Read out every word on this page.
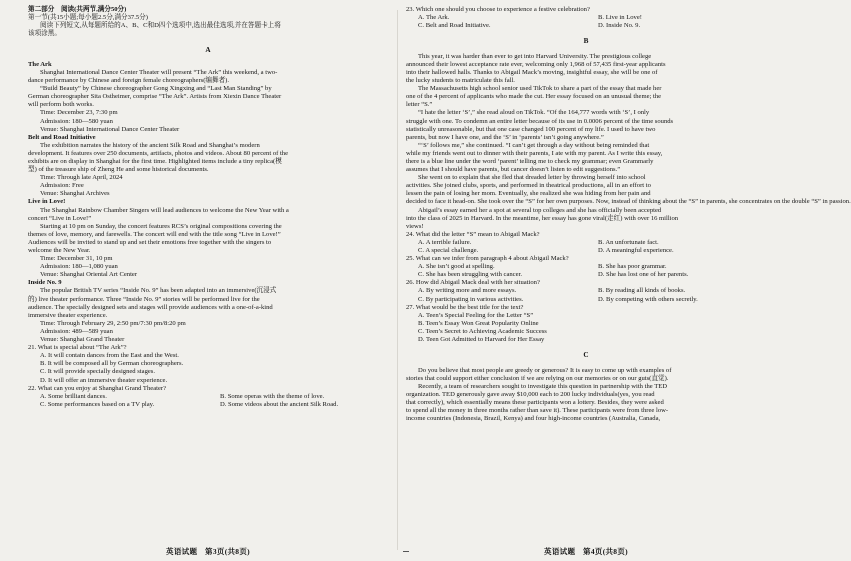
第二部分　阅读(共两节,满分50分)

第一节(共15小题;每小题2.5分,满分37.5分)

阅读下列短文,从每题所给的A、B、C和D四个选项中,选出最佳选项,并在答题卡上将

该项涂黑。

A

The Ark

Shanghai International Dance Center Theater will present “The Ark” this weekend, a two-

dance performance by Chinese and foreign female choreographers(编舞者).

“Build Beauty” by Chinese choreographer Gong Xingxing and “Last Man Standing” by

German choreographer Sita Ostheimer, comprise “The Ark”. Artists from Xiexin Dance Theater

will perform both works.

Time: December 23, 7:30 pm

Admission: 180—580 yuan

Venue: Shanghai International Dance Center Theater

Belt and Road Initiative

The exhibition narrates the history of the ancient Silk Road and Shanghai’s modern

development. It features over 250 documents, artifacts, photos and videos. About 80 percent of the

exhibits are on display in Shanghai for the first time. Highlighted items include a tiny replica(模

型) of the treasure ship of Zheng He and some historical documents.

Time: Through late April, 2024

Admission: Free

Venue: Shanghai Archives

Live in Love!

The Shanghai Rainbow Chamber Singers will lead audiences to welcome the New Year with a

concert “Live in Love!”

Starting at 10 pm on Sunday, the concert features RCS’s original compositions covering the

themes of love, memory, and farewells. The concert will end with the title song “Live in Love!”

Audiences will be invited to stand up and set their emotions free together with the singers to

welcome the New Year.

Time: December 31, 10 pm

Admission: 180—1,080 yuan

Venue: Shanghai Oriental Art Center

Inside No. 9

The popular British TV series “Inside No. 9” has been adapted into an immersive(沉浸式

的) live theater performance. Three “Inside No. 9” stories will be performed live for the

audience. The specially designed sets and stages will provide audiences with a one-of-a-kind

immersive theater experience.

Time: Through February 29, 2:50 pm/7:30 pm/8:20 pm

Admission: 489—589 yuan

Venue: Shanghai Grand Theater

21. What is special about “The Ark”?

A. It will contain dances from the East and the West.

B. It will be composed all by German choreographers.

C. It will provide specially designed stages.

D. It will offer an immersive theater experience.

22. What can you enjoy at Shanghai Grand Theater?

A. Some brilliant dances.	B. Some operas with the theme of love.
C. Some performances based on a TV play.	D. Some videos about the ancient Silk Road.

23. Which one should you choose to experience a festive celebration?

A. The Ark.	B. Live in Love!
C. Belt and Road Initiative.	D. Inside No. 9.

B

This year, it was harder than ever to get into Harvard University. The prestigious college

announced their lowest acceptance rate ever, welcoming only 1,968 of 57,435 first-year applicants

into their hallowed halls. Thanks to Abigail Mack’s moving, insightful essay, she will be one of

the lucky students to matriculate this fall.

The Massachusetts high school senior used TikTok to share a part of the essay that made her

one of the 4 percent of applicants who made the cut. Her essay focused on an unusual theme; the

letter “S.”

“I hate the letter ‘S’,” she read aloud on TikTok. “Of the 164,777 words with ‘S’, I only

struggle with one. To condemn an entire letter because of its use in 0.0006 percent of the time sounds

statistically unreasonable, but that one case changed 100 percent of my life. I used to have two

parents, but now I have one, and the ‘S’ in ‘parents’ isn’t going anywhere.”

“‘S’ follows me,” she continued. “I can’t get through a day without being reminded that

while my friends went out to dinner with their parents, I ate with my parent. As I write this essay,

there is a blue line under the word ‘parent’ telling me to check my grammar; even Grammarly

assumes that I should have parents, but cancer doesn’t listen to edit suggestions.”

She went on to explain that she fled that dreaded letter by throwing herself into school

activities. She joined clubs, sports, and performed in theatrical productions, all in an effort to

lessen the pain of losing her mom. Eventually, she realized she was hiding from her pain and

decided to face it head-on. She took over the “S” for her own purposes. Now, instead of thinking about the “S” in parents, she concentrates on the double “S” in passion.

Abigail’s essay earned her a spot at several top colleges and she has officially been accepted

into the class of 2025 in Harvard. In the meantime, her essay has gone viral(走红) with over 16 million

views!

24. What did the letter “S” mean to Abigail Mack?

A. A terrible failure.	B. An unfortunate fact.
C. A special challenge.	D. A meaningful experience.

25. What can we infer from paragraph 4 about Abigail Mack?

A. She isn’t good at spelling.	B. She has poor grammar.
C. She has been struggling with cancer.	D. She has lost one of her parents.

26. How did Abigail Mack deal with her situation?

A. By writing more and more essays.	B. By reading all kinds of books.
C. By participating in various activities.	D. By competing with others secretly.

27. What would be the best title for the text?

A. Teen’s Special Feeling for the Letter “S”

B. Teen’s Essay Won Great Popularity Online

C. Teen’s Secret to Achieving Academic Success

D. Teen Got Admitted to Harvard for Her Essay

C

Do you believe that most people are greedy or generous? It is easy to come up with examples of

stories that could support either conclusion if we are relying on our memories or on our guts(直觉).

Recently, a team of researchers sought to investigate this question in partnership with the TED

organization. TED generously gave away $10,000 each to 200 lucky individuals(yes, you read

that correctly), which essentially means these participants won a lottery. Besides, they were asked

to spend all the money in three months rather than save it). These participants were from three low-

income countries (Indonesia, Brazil, Kenya) and four high-income countries (Australia, Canada,

英语试题　第3页(共8页)	英语试题　第4页(共8页)
